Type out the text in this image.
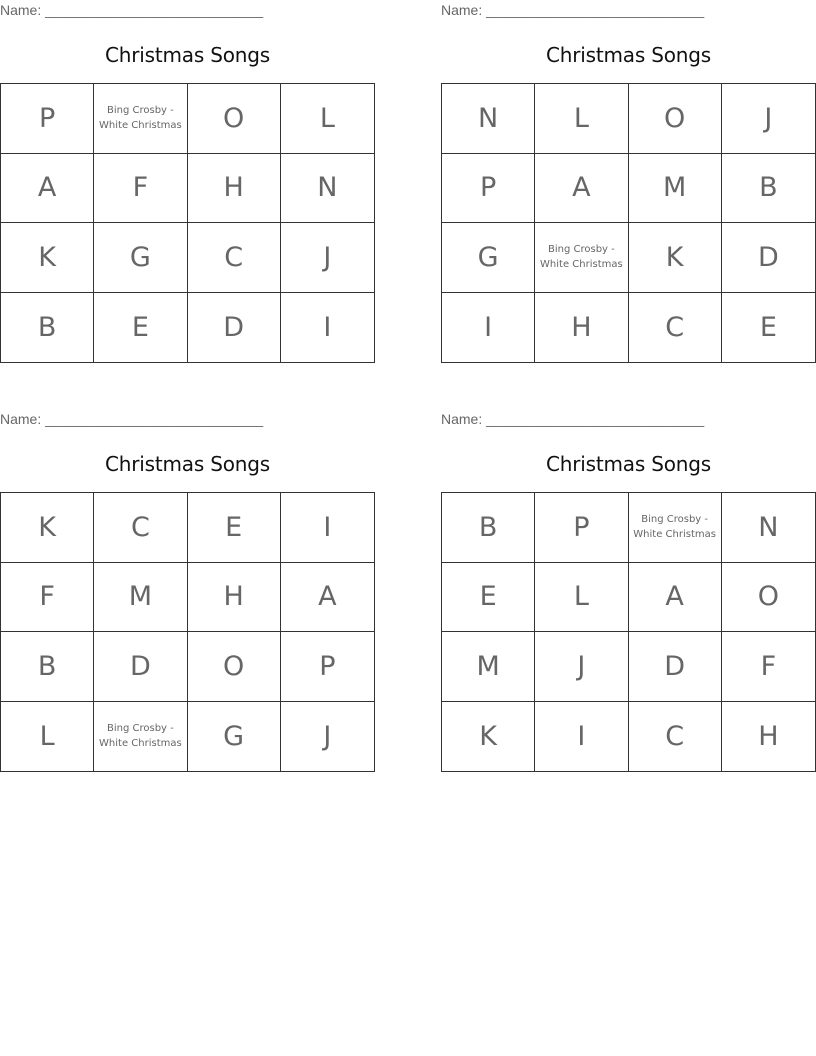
Name: ____________________________
Christmas Songs
P	Bing Crosby - White Christmas	O	L
A	F	H	N
K	G	C	J
B	E	D	I
Name: ____________________________
Christmas Songs
N	L	O	J
P	A	M	B
G	Bing Crosby - White Christmas	K	D
I	H	C	E
Name: ____________________________
Christmas Songs
K	C	E	I
F	M	H	A
B	D	O	P
L	Bing Crosby - White Christmas	G	J
Name: ____________________________
Christmas Songs
B	P	Bing Crosby - White Christmas	N
E	L	A	O
M	J	D	F
K	I	C	H
